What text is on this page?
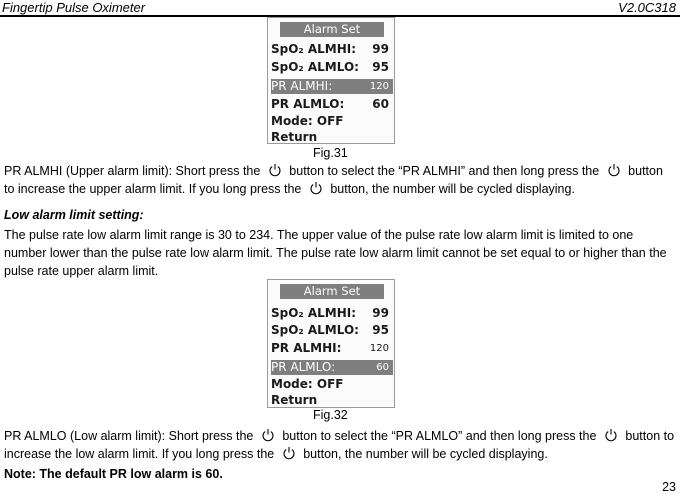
Fingertip Pulse Oximeter	V2.0C318
Alarm Set
SpO₂ ALMHI: 99
SpO₂ ALMLO: 95
PR ALMHI:	120
PR ALMLO: 60
Mode: OFF
Return
Fig.31
PR ALMHI (Upper alarm limit): Short press the button to select the “PR ALMHI” and then long press the button to increase the upper alarm limit. If you long press the button, the number will be cycled displaying.
Low alarm limit setting:
The pulse rate low alarm limit range is 30 to 234. The upper value of the pulse rate low alarm limit is limited to one number lower than the pulse rate low alarm limit. The pulse rate low alarm limit cannot be set equal to or higher than the pulse rate upper alarm limit.
Alarm Set
SpO₂ ALMHI: 99
SpO₂ ALMLO: 95
PR ALMHI:	120
PR ALMLO:	60
Mode: OFF
Return
Fig.32
PR ALMLO (Low alarm limit): Short press the button to select the “PR ALMLO” and then long press the button to increase the low alarm limit. If you long press the button, the number will be cycled displaying.
Note: The default PR low alarm is 60.
23
